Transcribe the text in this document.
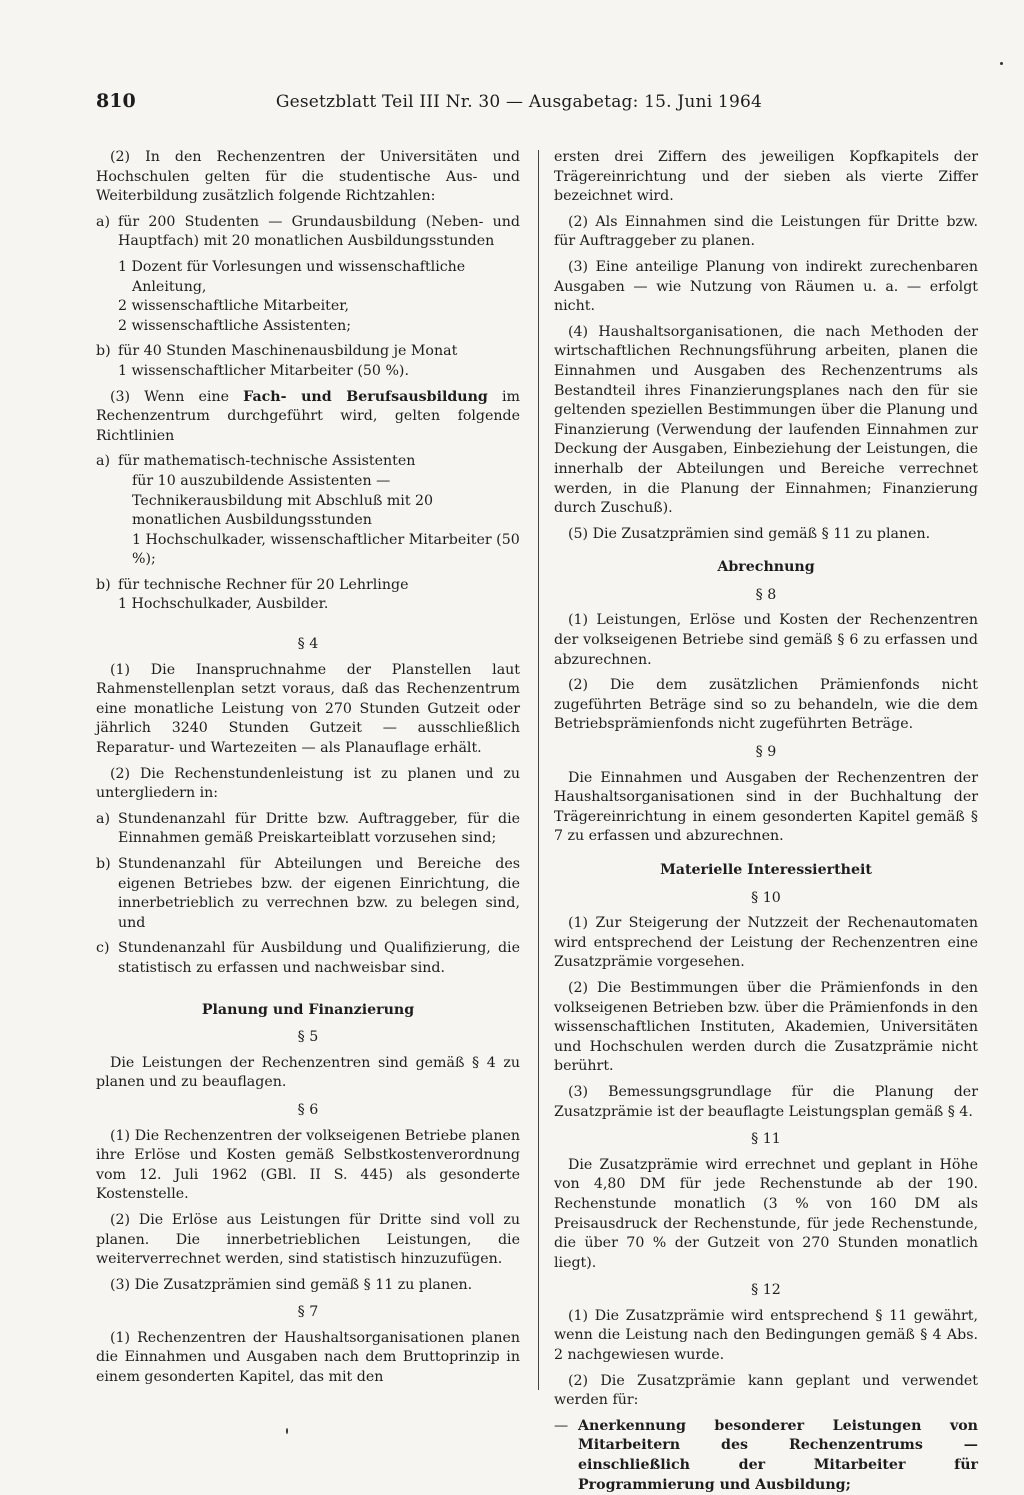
810	Gesetzblatt Teil III Nr. 30 — Ausgabetag: 15. Juni 1964

(2) In den Rechenzentren der Universitäten und Hochschulen gelten für die studentische Aus- und Weiterbildung zusätzlich folgende Richtzahlen:

a) für 200 Studenten — Grundausbildung (Neben- und Hauptfach) mit 20 monatlichen Ausbildungsstunden

1 Dozent für Vorlesungen und wissenschaftliche Anleitung,

2 wissenschaftliche Mitarbeiter,

2 wissenschaftliche Assistenten;

b) für 40 Stunden Maschinenausbildung je Monat

1 wissenschaftlicher Mitarbeiter (50 %).

(3) Wenn eine Fach- und Berufsausbildung im Rechenzentrum durchgeführt wird, gelten folgende Richtlinien

a) für mathematisch-technische Assistenten

für 10 auszubildende Assistenten — Technikerausbildung mit Abschluß mit 20 monatlichen Ausbildungsstunden

1 Hochschulkader, wissenschaftlicher Mitarbeiter (50 %);

b) für technische Rechner für 20 Lehrlinge

1 Hochschulkader, Ausbilder.

§ 4

(1) Die Inanspruchnahme der Planstellen laut Rahmenstellenplan setzt voraus, daß das Rechenzentrum eine monatliche Leistung von 270 Stunden Gutzeit oder jährlich 3240 Stunden Gutzeit — ausschließlich Reparatur- und Wartezeiten — als Planauflage erhält.

(2) Die Rechenstundenleistung ist zu planen und zu untergliedern in:

a) Stundenanzahl für Dritte bzw. Auftraggeber, für die Einnahmen gemäß Preiskarteiblatt vorzusehen sind;
b) Stundenanzahl für Abteilungen und Bereiche des eigenen Betriebes bzw. der eigenen Einrichtung, die innerbetrieblich zu verrechnen bzw. zu belegen sind, und
c) Stundenanzahl für Ausbildung und Qualifizierung, die statistisch zu erfassen und nachweisbar sind.
Planung und Finanzierung
§ 5

Die Leistungen der Rechenzentren sind gemäß § 4 zu planen und zu beauflagen.

§ 6

(1) Die Rechenzentren der volkseigenen Betriebe planen ihre Erlöse und Kosten gemäß Selbstkostenverordnung vom 12. Juli 1962 (GBl. II S. 445) als gesonderte Kostenstelle.

(2) Die Erlöse aus Leistungen für Dritte sind voll zu planen. Die innerbetrieblichen Leistungen, die weiterverrechnet werden, sind statistisch hinzuzufügen.

(3) Die Zusatzprämien sind gemäß § 11 zu planen.

§ 7

(1) Rechenzentren der Haushaltsorganisationen planen die Einnahmen und Ausgaben nach dem Bruttoprinzip in einem gesonderten Kapitel, das mit den

ersten drei Ziffern des jeweiligen Kopfkapitels der Trägereinrichtung und der sieben als vierte Ziffer bezeichnet wird.

(2) Als Einnahmen sind die Leistungen für Dritte bzw. für Auftraggeber zu planen.

(3) Eine anteilige Planung von indirekt zurechenbaren Ausgaben — wie Nutzung von Räumen u. a. — erfolgt nicht.

(4) Haushaltsorganisationen, die nach Methoden der wirtschaftlichen Rechnungsführung arbeiten, planen die Einnahmen und Ausgaben des Rechenzentrums als Bestandteil ihres Finanzierungsplanes nach den für sie geltenden speziellen Bestimmungen über die Planung und Finanzierung (Verwendung der laufenden Einnahmen zur Deckung der Ausgaben, Einbeziehung der Leistungen, die innerhalb der Abteilungen und Bereiche verrechnet werden, in die Planung der Einnahmen; Finanzierung durch Zuschuß).

(5) Die Zusatzprämien sind gemäß § 11 zu planen.

Abrechnung
§ 8

(1) Leistungen, Erlöse und Kosten der Rechenzentren der volkseigenen Betriebe sind gemäß § 6 zu erfassen und abzurechnen.

(2) Die dem zusätzlichen Prämienfonds nicht zugeführten Beträge sind so zu behandeln, wie die dem Betriebsprämienfonds nicht zugeführten Beträge.

§ 9

Die Einnahmen und Ausgaben der Rechenzentren der Haushaltsorganisationen sind in der Buchhaltung der Trägereinrichtung in einem gesonderten Kapitel gemäß § 7 zu erfassen und abzurechnen.

Materielle Interessiertheit
§ 10

(1) Zur Steigerung der Nutzzeit der Rechenautomaten wird entsprechend der Leistung der Rechenzentren eine Zusatzprämie vorgesehen.

(2) Die Bestimmungen über die Prämienfonds in den volkseigenen Betrieben bzw. über die Prämienfonds in den wissenschaftlichen Instituten, Akademien, Universitäten und Hochschulen werden durch die Zusatzprämie nicht berührt.

(3) Bemessungsgrundlage für die Planung der Zusatzprämie ist der beauflagte Leistungsplan gemäß § 4.

§ 11

Die Zusatzprämie wird errechnet und geplant in Höhe von 4,80 DM für jede Rechenstunde ab der 190. Rechenstunde monatlich (3 % von 160 DM als Preisausdruck der Rechenstunde, für jede Rechenstunde, die über 70 % der Gutzeit von 270 Stunden monatlich liegt).

§ 12

(1) Die Zusatzprämie wird entsprechend § 11 gewährt, wenn die Leistung nach den Bedingungen gemäß § 4 Abs. 2 nachgewiesen wurde.

(2) Die Zusatzprämie kann geplant und verwendet werden für:

— Anerkennung besonderer Leistungen von Mitarbeitern des Rechenzentrums — einschließlich der Mitarbeiter für Programmierung und Ausbildung;
